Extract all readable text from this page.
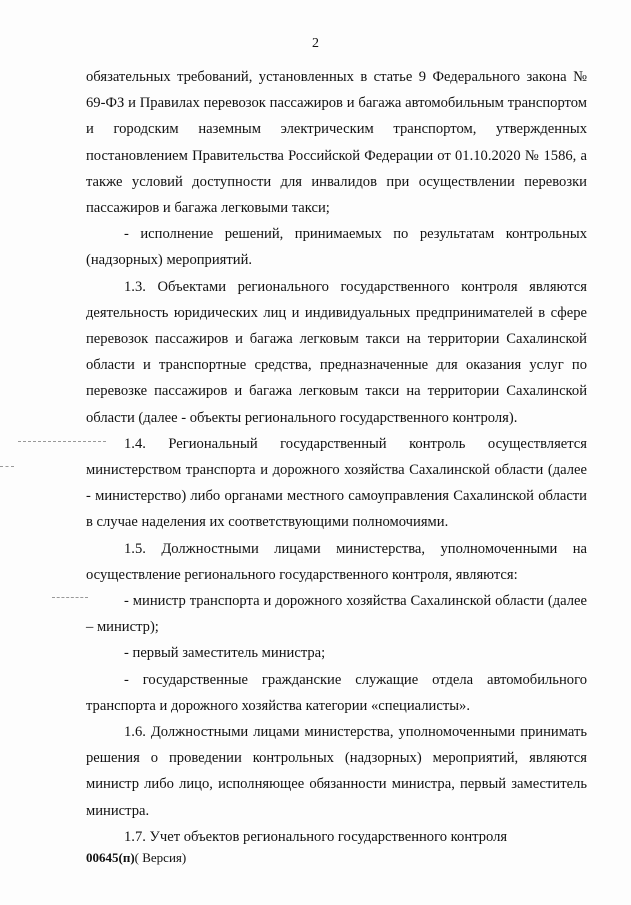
2

обязательных требований, установленных в статье 9 Федерального закона № 69-ФЗ и Правилах перевозок пассажиров и багажа автомобильным транспортом и городским наземным электрическим транспортом, утвержденных постановлением Правительства Российской Федерации от 01.10.2020 № 1586, а также условий доступности для инвалидов при осуществлении перевозки пассажиров и багажа легковыми такси;

- исполнение решений, принимаемых по результатам контрольных (надзорных) мероприятий.

1.3. Объектами регионального государственного контроля являются деятельность юридических лиц и индивидуальных предпринимателей в сфере перевозок пассажиров и багажа легковым такси на территории Сахалинской области и транспортные средства, предназначенные для оказания услуг по перевозке пассажиров и багажа легковым такси на территории Сахалинской области (далее - объекты регионального государственного контроля).

1.4. Региональный государственный контроль осуществляется министерством транспорта и дорожного хозяйства Сахалинской области (далее - министерство) либо органами местного самоуправления Сахалинской области в случае наделения их соответствующими полномочиями.

1.5. Должностными лицами министерства, уполномоченными на осуществление регионального государственного контроля, являются:

- министр транспорта и дорожного хозяйства Сахалинской области (далее – министр);

- первый заместитель министра;

- государственные гражданские служащие отдела автомобильного транспорта и дорожного хозяйства категории «специалисты».

1.6. Должностными лицами министерства, уполномоченными принимать решения о проведении контрольных (надзорных) мероприятий, являются министр либо лицо, исполняющее обязанности министра, первый заместитель министра.

1.7. Учет объектов регионального государственного контроля

00645(п)( Версия)
